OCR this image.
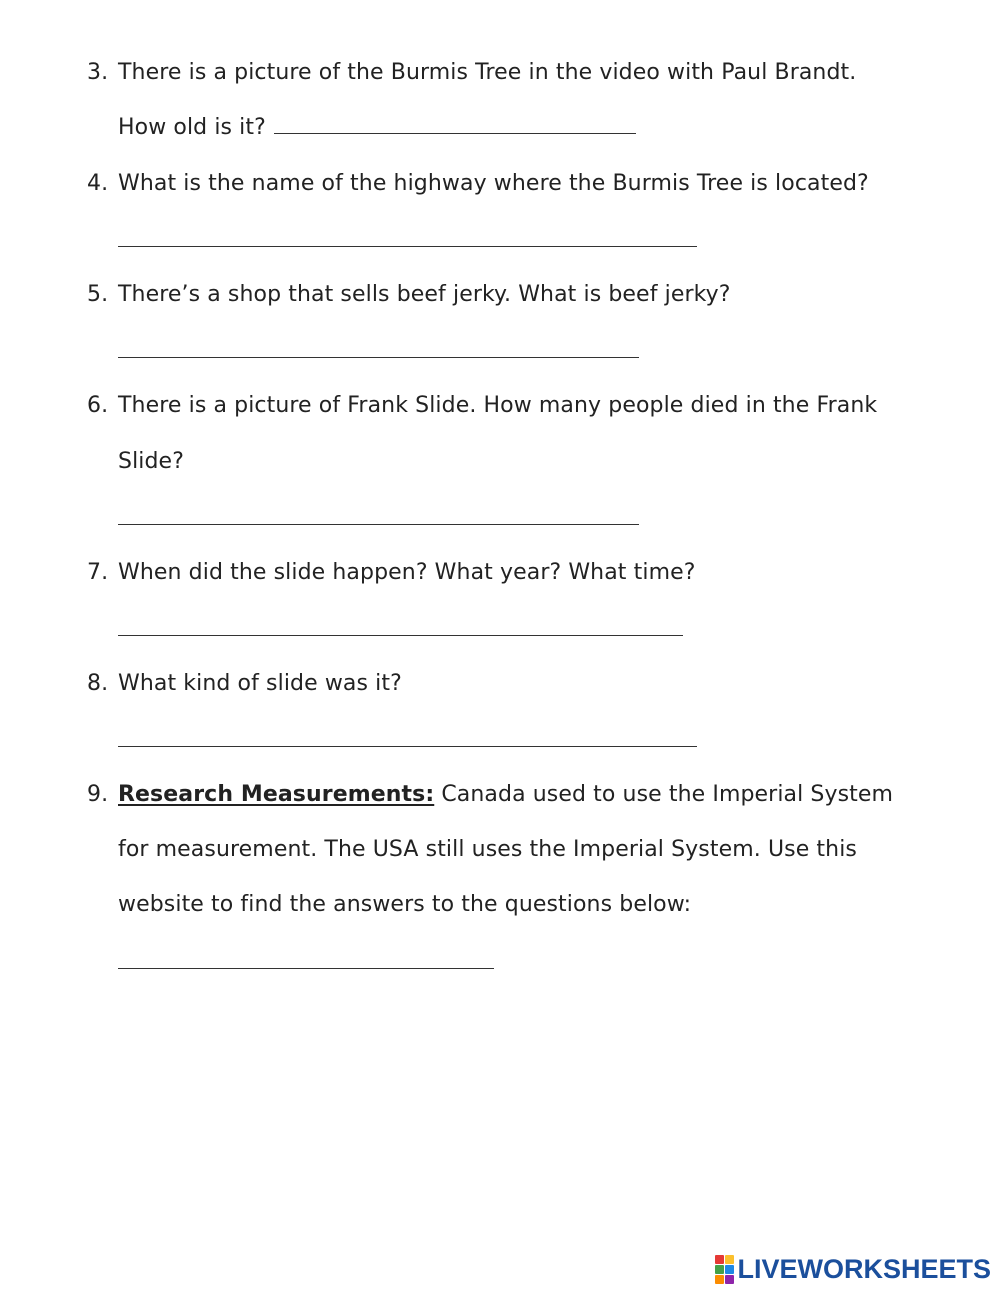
3. There is a picture of the Burmis Tree in the video with Paul Brandt.
How old is it?
4. What is the name of the highway where the Burmis Tree is located?
5. There’s a shop that sells beef jerky. What is beef jerky?
6. There is a picture of Frank Slide. How many people died in the Frank
Slide?
7. When did the slide happen? What year? What time?
8. What kind of slide was it?
9. Research Measurements: Canada used to use the Imperial System
for measurement. The USA still uses the Imperial System. Use this
website to find the answers to the questions below:
LIVEWORKSHEETS
